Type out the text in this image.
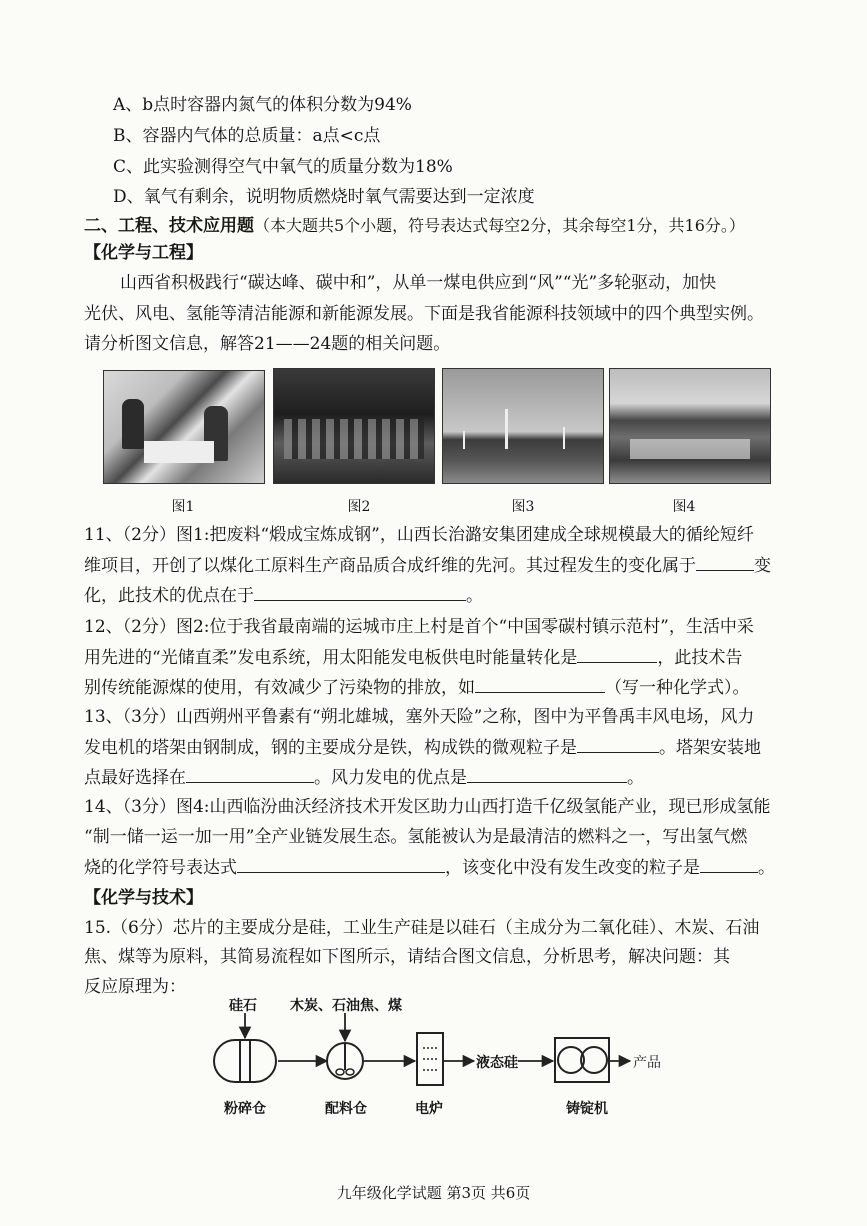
A、b点时容器内氮气的体积分数为94%
B、容器内气体的总质量：a点<c点
C、此实验测得空气中氧气的质量分数为18%
D、氧气有剩余，说明物质燃烧时氧气需要达到一定浓度
二、工程、技术应用题（本大题共5个小题，符号表达式每空2分，其余每空1分，共16分。）
【化学与工程】
山西省积极践行“碳达峰、碳中和”，从单一煤电供应到“风”“光”多轮驱动，加快
光伏、风电、氢能等清洁能源和新能源发展。下面是我省能源科技领域中的四个典型实例。
请分析图文信息，解答21——24题的相关问题。
图1	图2	图3	图4
11、（2分）图1:把废料“煅成宝炼成钢”，山西长治潞安集团建成全球规模最大的循纶短纤
维项目，开创了以煤化工原料生产商品质合成纤维的先河。其过程发生的变化属于	变
化，此技术的优点在于	。
12、（2分）图2:位于我省最南端的运城市庄上村是首个“中国零碳村镇示范村”，生活中采
用先进的“光储直柔”发电系统，用太阳能发电板供电时能量转化是	，此技术告
别传统能源煤的使用，有效减少了污染物的排放，如	（写一种化学式）。
13、（3分）山西朔州平鲁素有“朔北雄城，塞外天险”之称，图中为平鲁禹丰风电场，风力
发电机的塔架由钢制成，钢的主要成分是铁，构成铁的微观粒子是	。塔架安装地
点最好选择在	。风力发电的优点是	。
14、（3分）图4:山西临汾曲沃经济技术开发区助力山西打造千亿级氢能产业，现已形成氢能
“制一储一运一加一用”全产业链发展生态。氢能被认为是最清洁的燃料之一，写出氢气燃
烧的化学符号表达式	，该变化中没有发生改变的粒子是	。
【化学与技术】
15.（6分）芯片的主要成分是硅，工业生产硅是以硅石（主成分为二氧化硅）、木炭、石油
焦、煤等为原料，其简易流程如下图所示，请结合图文信息，分析思考，解决问题：其
反应原理为：
硅石 木炭、石油焦、煤
粉碎仓	配料仓	电炉
液态硅
铸锭机
产品
九年级化学试题 第3页 共6页
